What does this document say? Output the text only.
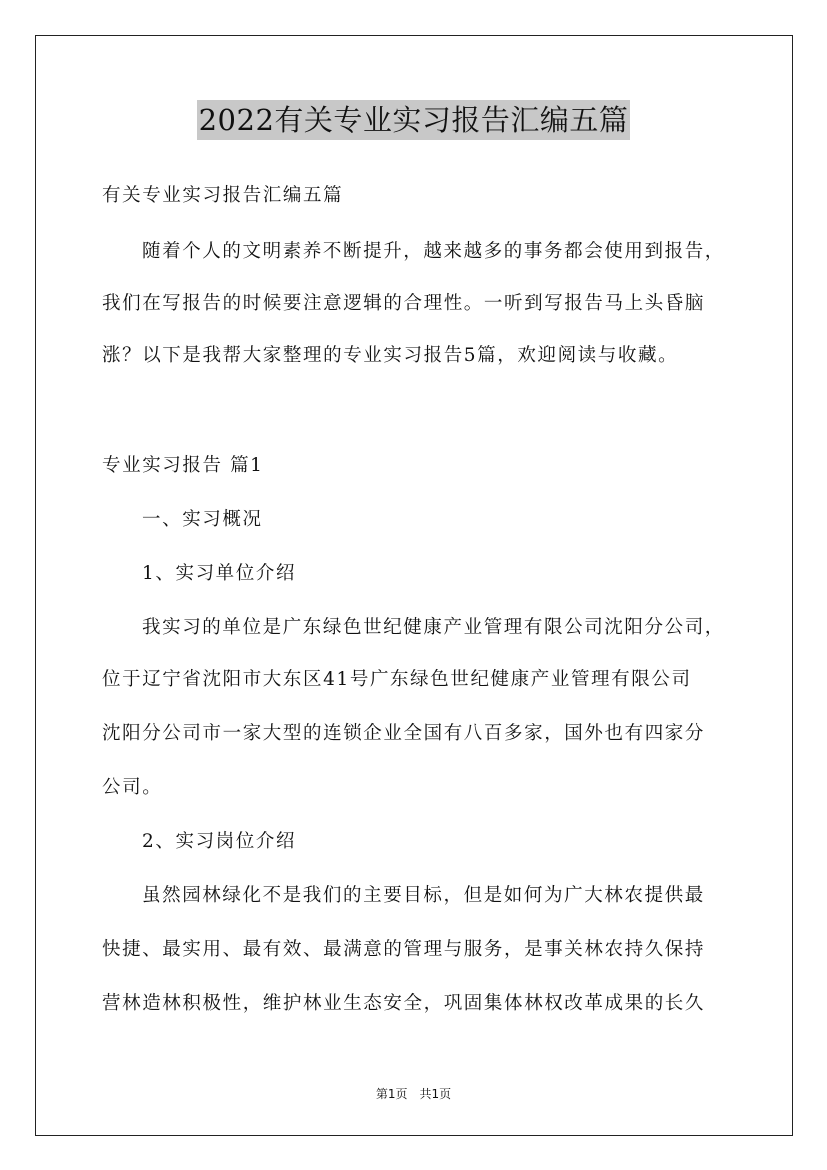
2022有关专业实习报告汇编五篇
有关专业实习报告汇编五篇
随着个人的文明素养不断提升，越来越多的事务都会使用到报告，
我们在写报告的时候要注意逻辑的合理性。一听到写报告马上头昏脑
涨？以下是我帮大家整理的专业实习报告5篇，欢迎阅读与收藏。
专业实习报告 篇1
一、实习概况
1、实习单位介绍
我实习的单位是广东绿色世纪健康产业管理有限公司沈阳分公司，
位于辽宁省沈阳市大东区41号广东绿色世纪健康产业管理有限公司
沈阳分公司市一家大型的连锁企业全国有八百多家，国外也有四家分
公司。
2、实习岗位介绍
虽然园林绿化不是我们的主要目标，但是如何为广大林农提供最
快捷、最实用、最有效、最满意的管理与服务，是事关林农持久保持
营林造林积极性，维护林业生态安全，巩固集体林权改革成果的长久
第1页　共1页
